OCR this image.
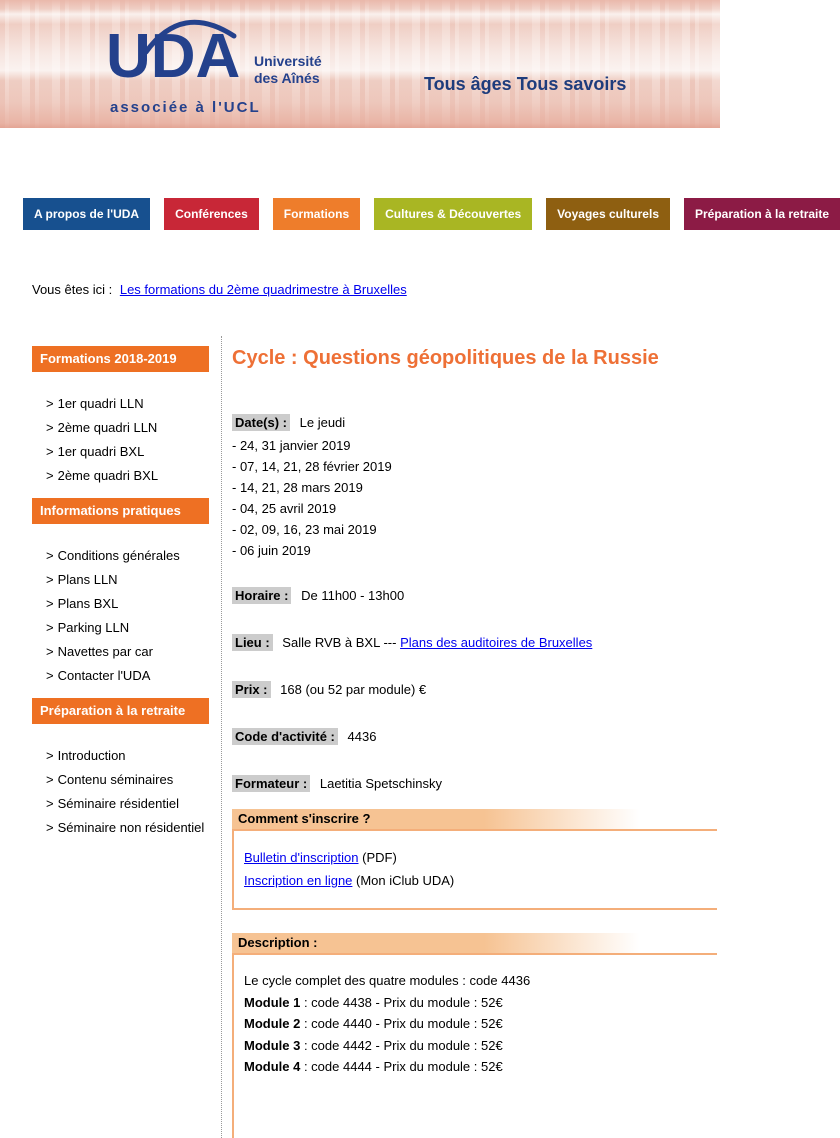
UDA Université
des Aînés
associée à l'UCL
Tous âges Tous savoirs
A propos de l'UDA	Conférences	Formations	Cultures & Découvertes	Voyages culturels	Préparation à la retraite
Vous êtes ici : Les formations du 2ème quadrimestre à Bruxelles
Formations 2018-2019
> 1er quadri LLN
> 2ème quadri LLN
> 1er quadri BXL
> 2ème quadri BXL
Informations pratiques
> Conditions générales
> Plans LLN
> Plans BXL
> Parking LLN
> Navettes par car
> Contacter l'UDA
Préparation à la retraite
> Introduction
> Contenu séminaires
> Séminaire résidentiel
> Séminaire non résidentiel
Cycle : Questions géopolitiques de la Russie
Date(s) : Le jeudi
- 24, 31 janvier 2019
- 07, 14, 21, 28 février 2019
- 14, 21, 28 mars 2019
- 04, 25 avril 2019
- 02, 09, 16, 23 mai 2019
- 06 juin 2019
Horaire : De 11h00 - 13h00
Lieu : Salle RVB à BXL --- Plans des auditoires de Bruxelles
Prix : 168 (ou 52 par module) €
Code d'activité : 4436
Formateur : Laetitia Spetschinsky
Comment s'inscrire ?
Bulletin d'inscription (PDF)
Inscription en ligne (Mon iClub UDA)
Description :
Le cycle complet des quatre modules : code 4436
Module 1 : code 4438 - Prix du module : 52€
Module 2 : code 4440 - Prix du module : 52€
Module 3 : code 4442 - Prix du module : 52€
Module 4 : code 4444 - Prix du module : 52€
